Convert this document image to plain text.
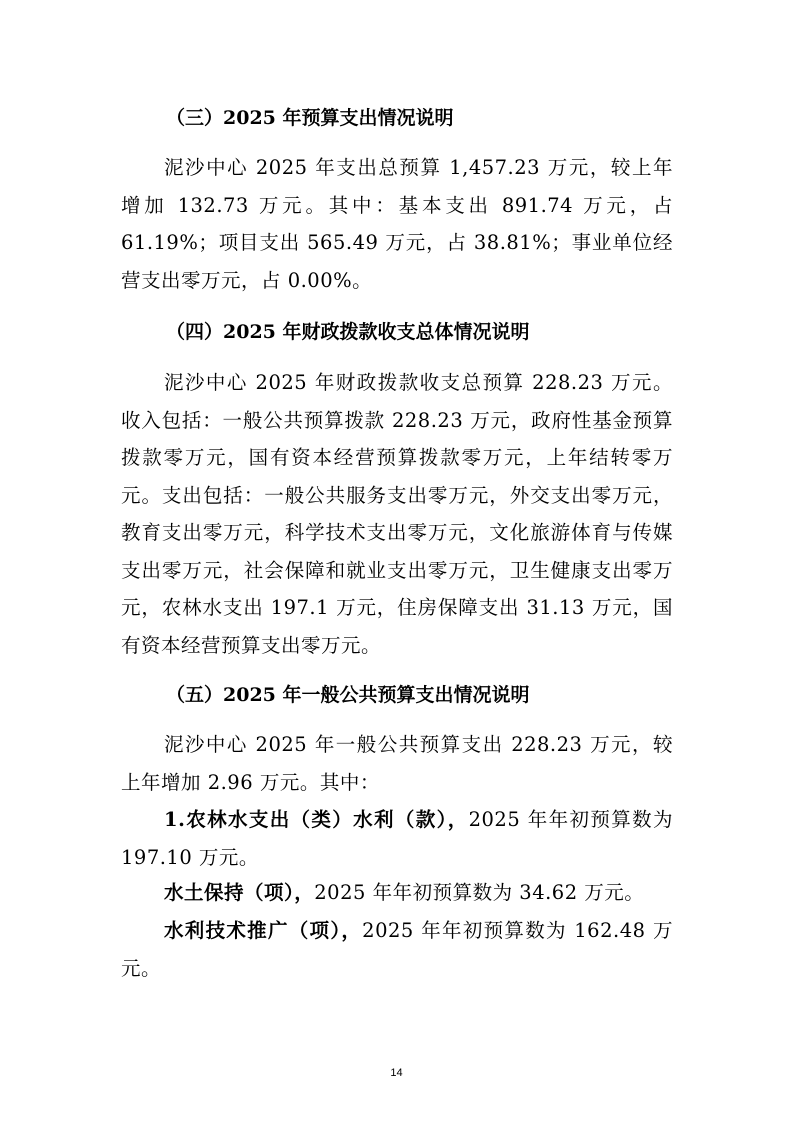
（三）2025 年预算支出情况说明
泥沙中心 2025 年支出总预算 1,457.23 万元，较上年增加 132.73 万元。其中：基本支出 891.74 万元，占 61.19%；项目支出 565.49 万元，占 38.81%；事业单位经营支出零万元，占 0.00%。
（四）2025 年财政拨款收支总体情况说明
泥沙中心 2025 年财政拨款收支总预算 228.23 万元。收入包括：一般公共预算拨款 228.23 万元，政府性基金预算拨款零万元，国有资本经营预算拨款零万元，上年结转零万元。支出包括：一般公共服务支出零万元，外交支出零万元，教育支出零万元，科学技术支出零万元，文化旅游体育与传媒支出零万元，社会保障和就业支出零万元，卫生健康支出零万元，农林水支出 197.1 万元，住房保障支出 31.13 万元，国有资本经营预算支出零万元。
（五）2025 年一般公共预算支出情况说明
泥沙中心 2025 年一般公共预算支出 228.23 万元，较上年增加 2.96 万元。其中：
1.农林水支出（类）水利（款），2025 年年初预算数为 197.10 万元。
水土保持（项），2025 年年初预算数为 34.62 万元。
水利技术推广（项），2025 年年初预算数为 162.48 万元。
14
